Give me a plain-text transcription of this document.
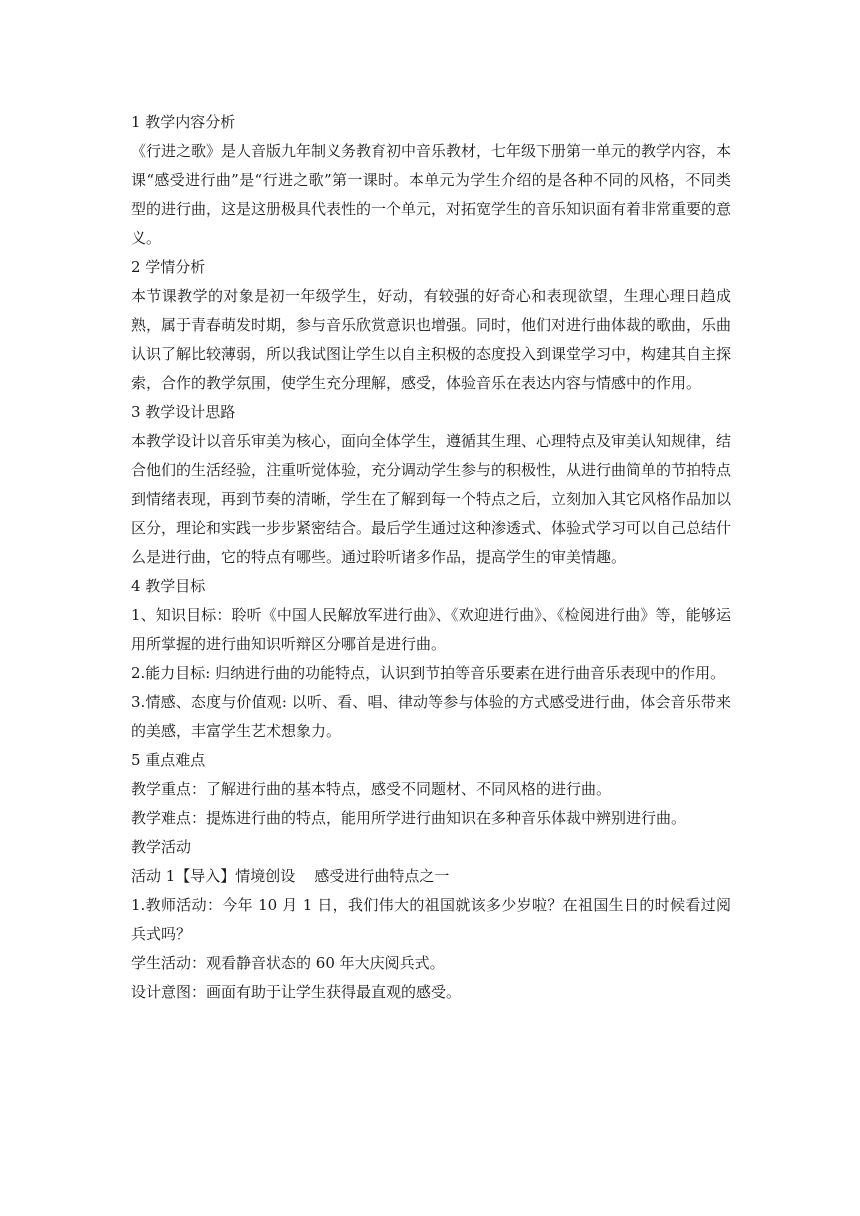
1 教学内容分析

《行进之歌》是人音版九年制义务教育初中音乐教材，七年级下册第一单元的教学内容，本课“感受进行曲”是“行进之歌”第一课时。本单元为学生介绍的是各种不同的风格，不同类型的进行曲，这是这册极具代表性的一个单元，对拓宽学生的音乐知识面有着非常重要的意义。

2 学情分析

本节课教学的对象是初一年级学生，好动，有较强的好奇心和表现欲望，生理心理日趋成熟，属于青春萌发时期，参与音乐欣赏意识也增强。同时，他们对进行曲体裁的歌曲，乐曲认识了解比较薄弱，所以我试图让学生以自主积极的态度投入到课堂学习中，构建其自主探索，合作的教学氛围，使学生充分理解，感受，体验音乐在表达内容与情感中的作用。

3 教学设计思路

本教学设计以音乐审美为核心，面向全体学生，遵循其生理、心理特点及审美认知规律，结合他们的生活经验，注重听觉体验，充分调动学生参与的积极性，从进行曲简单的节拍特点到情绪表现，再到节奏的清晰，学生在了解到每一个特点之后，立刻加入其它风格作品加以区分，理论和实践一步步紧密结合。最后学生通过这种渗透式、体验式学习可以自己总结什么是进行曲，它的特点有哪些。通过聆听诸多作品，提高学生的审美情趣。

4 教学目标

1、知识目标：聆听《中国人民解放军进行曲》、《欢迎进行曲》、《检阅进行曲》等，能够运用所掌握的进行曲知识听辩区分哪首是进行曲。

2.能力目标: 归纳进行曲的功能特点，认识到节拍等音乐要素在进行曲音乐表现中的作用。

3.情感、态度与价值观: 以听、看、唱、律动等参与体验的方式感受进行曲，体会音乐带来的美感，丰富学生艺术想象力。

5 重点难点

教学重点：了解进行曲的基本特点，感受不同题材、不同风格的进行曲。

教学难点：提炼进行曲的特点，能用所学进行曲知识在多种音乐体裁中辨别进行曲。

教学活动

活动 1【导入】情境创设    感受进行曲特点之一

1.教师活动：今年 10 月 1 日，我们伟大的祖国就该多少岁啦？在祖国生日的时候看过阅兵式吗？

学生活动：观看静音状态的 60 年大庆阅兵式。

设计意图：画面有助于让学生获得最直观的感受。
